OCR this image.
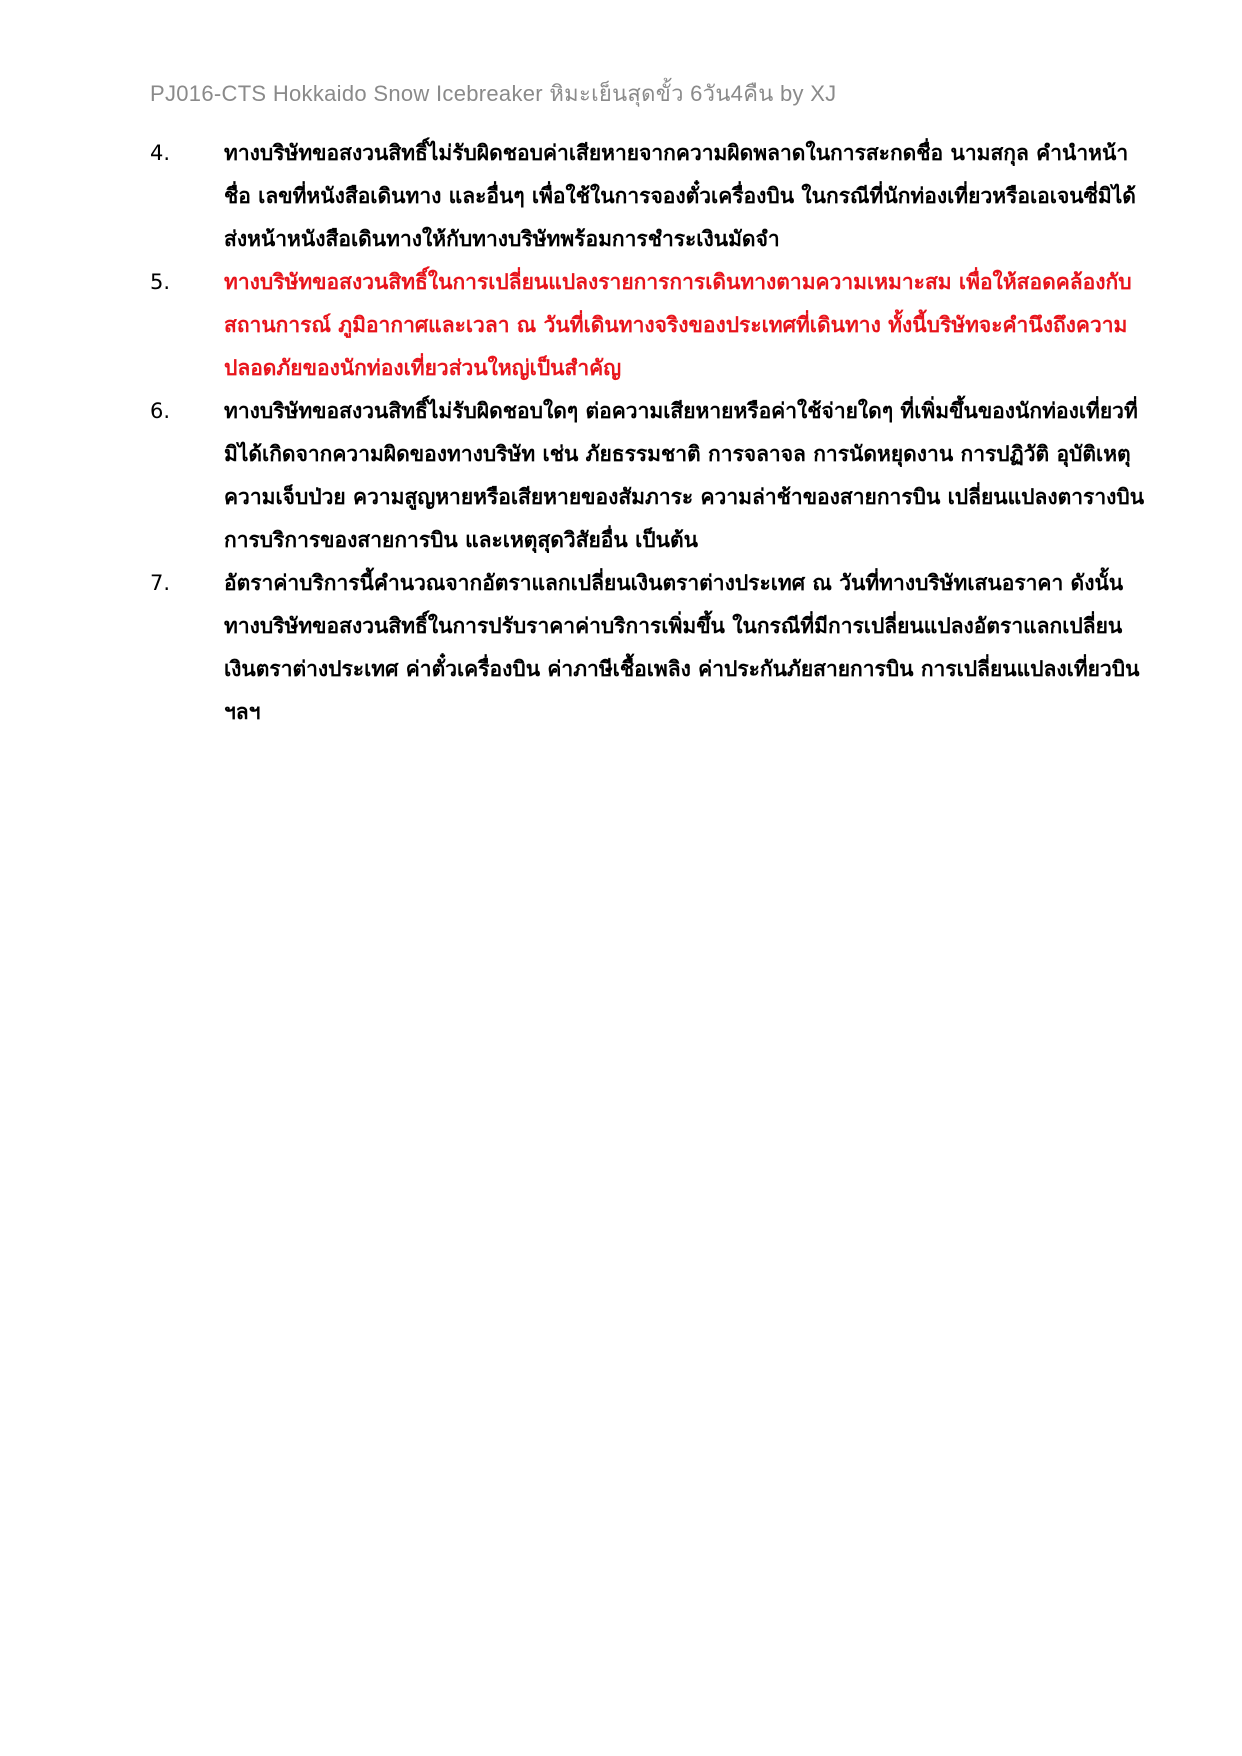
PJ016-CTS Hokkaido Snow Icebreaker หิมะเย็นสุดขั้ว 6วัน4คืน by XJ
4.	ทางบริษัทขอสงวนสิทธิ์ไม่รับผิดชอบค่าเสียหายจากความผิดพลาดในการสะกดชื่อ นามสกุล คำนำหน้าชื่อ เลขที่หนังสือเดินทาง และอื่นๆ เพื่อใช้ในการจองตั๋วเครื่องบิน ในกรณีที่นักท่องเที่ยวหรือเอเจนซี่มิได้ส่งหน้าหนังสือเดินทางให้กับทางบริษัทพร้อมการชำระเงินมัดจำ
5.	ทางบริษัทขอสงวนสิทธิ์ในการเปลี่ยนแปลงรายการการเดินทางตามความเหมาะสม เพื่อให้สอดคล้องกับสถานการณ์ ภูมิอากาศและเวลา ณ วันที่เดินทางจริงของประเทศที่เดินทาง ทั้งนี้บริษัทจะคำนึงถึงความปลอดภัยของนักท่องเที่ยวส่วนใหญ่เป็นสำคัญ
6.	ทางบริษัทขอสงวนสิทธิ์ไม่รับผิดชอบใดๆ ต่อความเสียหายหรือค่าใช้จ่ายใดๆ ที่เพิ่มขึ้นของนักท่องเที่ยวที่มิได้เกิดจากความผิดของทางบริษัท เช่น ภัยธรรมชาติ การจลาจล การนัดหยุดงาน การปฏิวัติ อุบัติเหตุ ความเจ็บป่วย ความสูญหายหรือเสียหายของสัมภาระ ความล่าช้าของสายการบิน เปลี่ยนแปลงตารางบิน การบริการของสายการบิน และเหตุสุดวิสัยอื่น เป็นต้น
7.	อัตราค่าบริการนี้คำนวณจากอัตราแลกเปลี่ยนเงินตราต่างประเทศ ณ วันที่ทางบริษัทเสนอราคา ดังนั้น ทางบริษัทขอสงวนสิทธิ์ในการปรับราคาค่าบริการเพิ่มขึ้น ในกรณีที่มีการเปลี่ยนแปลงอัตราแลกเปลี่ยนเงินตราต่างประเทศ ค่าตั๋วเครื่องบิน ค่าภาษีเชื้อเพลิง ค่าประกันภัยสายการบิน การเปลี่ยนแปลงเที่ยวบิน ฯลฯ
